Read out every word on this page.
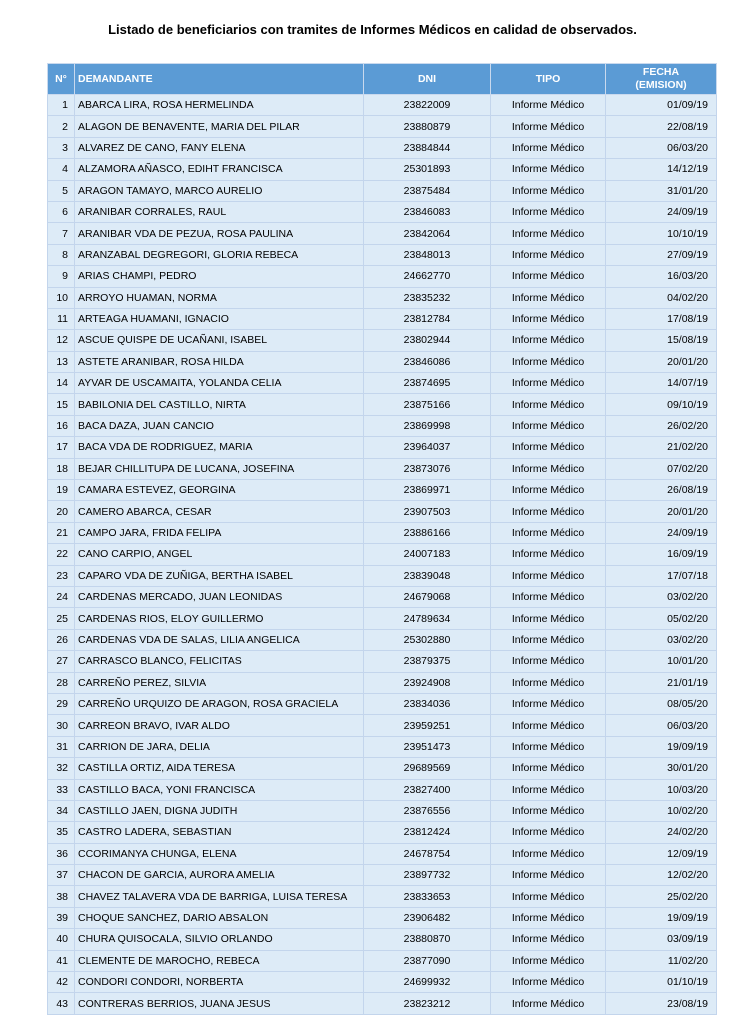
Listado de beneficiarios con tramites de Informes Médicos en calidad de observados.
N°	DEMANDANTE	DNI	TIPO	FECHA
(EMISION)

1	ABARCA LIRA, ROSA HERMELINDA	23822009	Informe Médico	01/09/19
2	ALAGON DE BENAVENTE, MARIA DEL PILAR	23880879	Informe Médico	22/08/19
3	ALVAREZ DE CANO, FANY ELENA	23884844	Informe Médico	06/03/20
4	ALZAMORA AÑASCO, EDIHT FRANCISCA	25301893	Informe Médico	14/12/19
5	ARAGON TAMAYO, MARCO AURELIO	23875484	Informe Médico	31/01/20
6	ARANIBAR CORRALES, RAUL	23846083	Informe Médico	24/09/19
7	ARANIBAR VDA DE PEZUA, ROSA PAULINA	23842064	Informe Médico	10/10/19
8	ARANZABAL DEGREGORI, GLORIA REBECA	23848013	Informe Médico	27/09/19
9	ARIAS CHAMPI, PEDRO	24662770	Informe Médico	16/03/20
10	ARROYO HUAMAN, NORMA	23835232	Informe Médico	04/02/20
11	ARTEAGA HUAMANI, IGNACIO	23812784	Informe Médico	17/08/19
12	ASCUE QUISPE DE UCAÑANI, ISABEL	23802944	Informe Médico	15/08/19
13	ASTETE ARANIBAR, ROSA HILDA	23846086	Informe Médico	20/01/20
14	AYVAR DE USCAMAITA, YOLANDA CELIA	23874695	Informe Médico	14/07/19
15	BABILONIA DEL CASTILLO, NIRTA	23875166	Informe Médico	09/10/19
16	BACA DAZA, JUAN CANCIO	23869998	Informe Médico	26/02/20
17	BACA VDA DE RODRIGUEZ, MARIA	23964037	Informe Médico	21/02/20
18	BEJAR CHILLITUPA DE LUCANA, JOSEFINA	23873076	Informe Médico	07/02/20
19	CAMARA ESTEVEZ, GEORGINA	23869971	Informe Médico	26/08/19
20	CAMERO ABARCA, CESAR	23907503	Informe Médico	20/01/20
21	CAMPO JARA, FRIDA FELIPA	23886166	Informe Médico	24/09/19
22	CANO CARPIO, ANGEL	24007183	Informe Médico	16/09/19
23	CAPARO VDA DE ZUÑIGA, BERTHA ISABEL	23839048	Informe Médico	17/07/18
24	CARDENAS MERCADO, JUAN LEONIDAS	24679068	Informe Médico	03/02/20
25	CARDENAS RIOS, ELOY GUILLERMO	24789634	Informe Médico	05/02/20
26	CARDENAS VDA DE SALAS, LILIA ANGELICA	25302880	Informe Médico	03/02/20
27	CARRASCO BLANCO, FELICITAS	23879375	Informe Médico	10/01/20
28	CARREÑO PEREZ, SILVIA	23924908	Informe Médico	21/01/19
29	CARREÑO URQUIZO DE ARAGON, ROSA GRACIELA	23834036	Informe Médico	08/05/20
30	CARREON BRAVO, IVAR ALDO	23959251	Informe Médico	06/03/20
31	CARRION DE JARA, DELIA	23951473	Informe Médico	19/09/19
32	CASTILLA ORTIZ, AIDA TERESA	29689569	Informe Médico	30/01/20
33	CASTILLO BACA, YONI FRANCISCA	23827400	Informe Médico	10/03/20
34	CASTILLO JAEN, DIGNA JUDITH	23876556	Informe Médico	10/02/20
35	CASTRO LADERA, SEBASTIAN	23812424	Informe Médico	24/02/20
36	CCORIMANYA CHUNGA, ELENA	24678754	Informe Médico	12/09/19
37	CHACON DE GARCIA, AURORA AMELIA	23897732	Informe Médico	12/02/20
38	CHAVEZ TALAVERA VDA DE BARRIGA, LUISA TERESA	23833653	Informe Médico	25/02/20
39	CHOQUE SANCHEZ, DARIO ABSALON	23906482	Informe Médico	19/09/19
40	CHURA QUISOCALA, SILVIO ORLANDO	23880870	Informe Médico	03/09/19
41	CLEMENTE DE MAROCHO, REBECA	23877090	Informe Médico	11/02/20
42	CONDORI CONDORI, NORBERTA	24699932	Informe Médico	01/10/19
43	CONTRERAS BERRIOS, JUANA JESUS	23823212	Informe Médico	23/08/19
